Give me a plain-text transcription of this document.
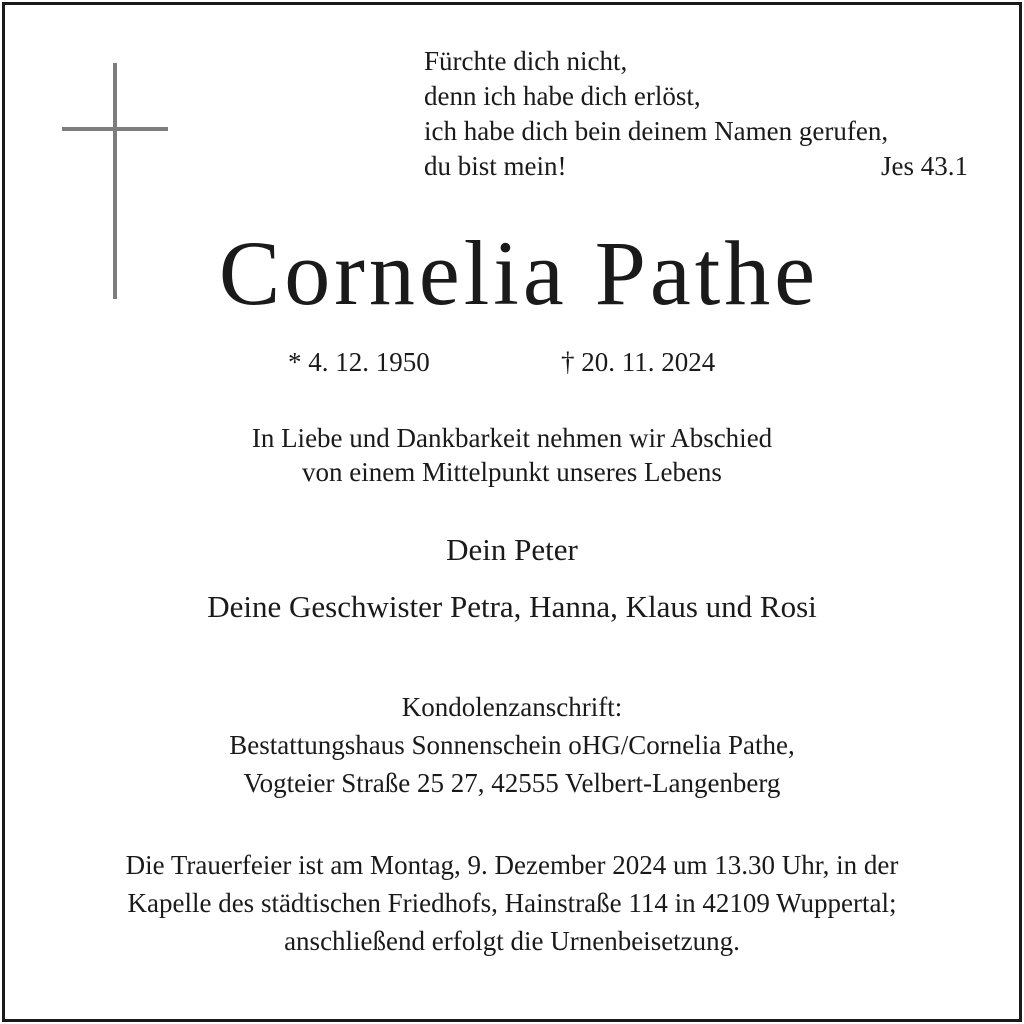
Fürchte dich nicht,
denn ich habe dich erlöst,
ich habe dich bein deinem Namen gerufen,
du bist mein!	Jes 43.1
Cornelia Pathe
* 4. 12. 1950	† 20. 11. 2024
In Liebe und Dankbarkeit nehmen wir Abschied
von einem Mittelpunkt unseres Lebens
Dein Peter
Deine Geschwister Petra, Hanna, Klaus und Rosi
Kondolenzanschrift:
Bestattungshaus Sonnenschein oHG/Cornelia Pathe,
Vogteier Straße 25 27, 42555 Velbert-Langenberg
Die Trauerfeier ist am Montag, 9. Dezember 2024 um 13.30 Uhr, in der
Kapelle des städtischen Friedhofs, Hainstraße 114 in 42109 Wuppertal;
anschließend erfolgt die Urnenbeisetzung.
